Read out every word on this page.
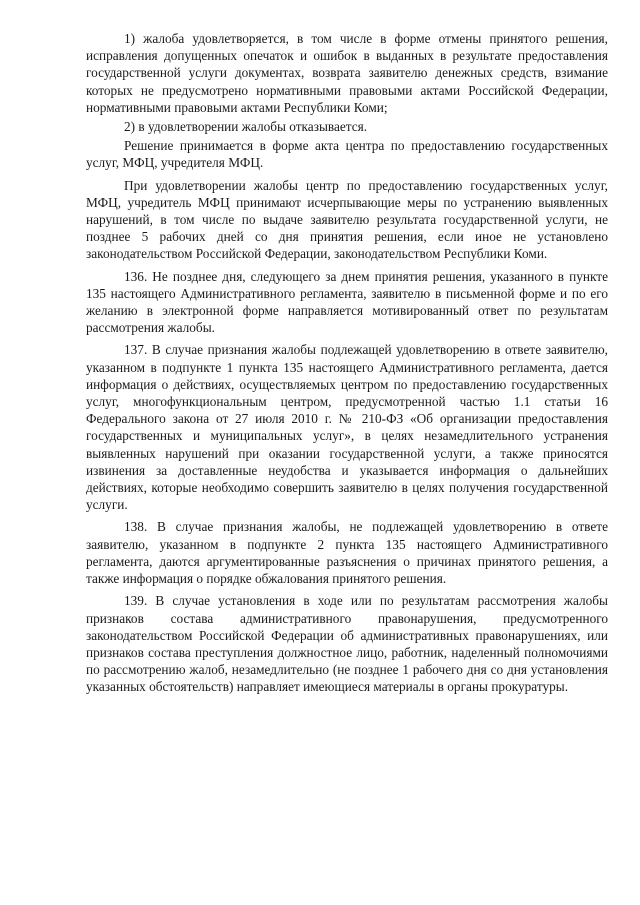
1) жалоба удовлетворяется, в том числе в форме отмены принятого решения, исправления допущенных опечаток и ошибок в выданных в результате предоставления государственной услуги документах, возврата заявителю денежных средств, взимание которых не предусмотрено нормативными правовыми актами Российской Федерации, нормативными правовыми актами Республики Коми;

2) в удовлетворении жалобы отказывается.

Решение принимается в форме акта центра по предоставлению государственных услуг, МФЦ, учредителя МФЦ.

При удовлетворении жалобы центр по предоставлению государственных услуг, МФЦ, учредитель МФЦ принимают исчерпывающие меры по устранению выявленных нарушений, в том числе по выдаче заявителю результата государственной услуги, не позднее 5 рабочих дней со дня принятия решения, если иное не установлено законодательством Российской Федерации, законодательством Республики Коми.

136. Не позднее дня, следующего за днем принятия решения, указанного в пункте 135 настоящего Административного регламента, заявителю в письменной форме и по его желанию в электронной форме направляется мотивированный ответ по результатам рассмотрения жалобы.

137. В случае признания жалобы подлежащей удовлетворению в ответе заявителю, указанном в подпункте 1 пункта 135 настоящего Административного регламента, дается информация о действиях, осуществляемых центром по предоставлению государственных услуг, многофункциональным центром, предусмотренной частью 1.1 статьи 16 Федерального закона от 27 июля 2010 г. № 210-ФЗ «Об организации предоставления государственных и муниципальных услуг», в целях незамедлительного устранения выявленных нарушений при оказании государственной услуги, а также приносятся извинения за доставленные неудобства и указывается информация о дальнейших действиях, которые необходимо совершить заявителю в целях получения государственной услуги.

138. В случае признания жалобы, не подлежащей удовлетворению в ответе заявителю, указанном в подпункте 2 пункта 135 настоящего Административного регламента, даются аргументированные разъяснения о причинах принятого решения, а также информация о порядке обжалования принятого решения.

139. В случае установления в ходе или по результатам рассмотрения жалобы признаков состава административного правонарушения, предусмотренного законодательством Российской Федерации об административных правонарушениях, или признаков состава преступления должностное лицо, работник, наделенный полномочиями по рассмотрению жалоб, незамедлительно (не позднее 1 рабочего дня со дня установления указанных обстоятельств) направляет имеющиеся материалы в органы прокуратуры.
